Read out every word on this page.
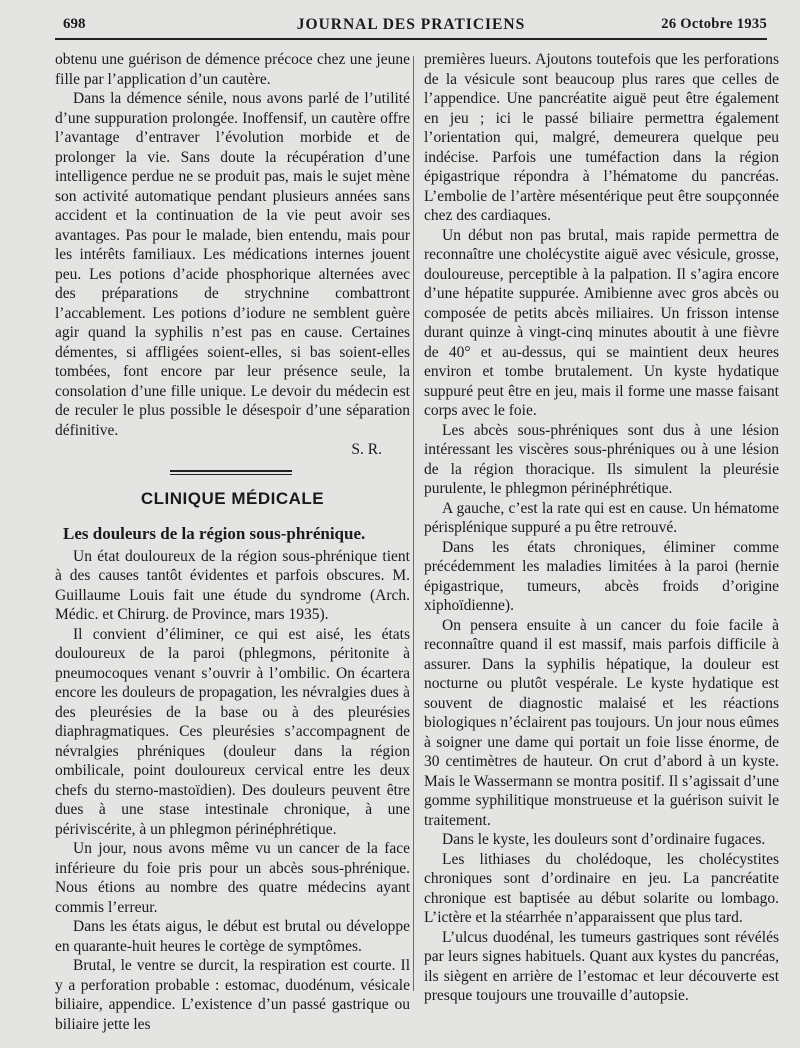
698	JOURNAL DES PRATICIENS	26 Octobre 1935

obtenu une guérison de démence précoce chez une jeune fille par l’application d’un cautère.

Dans la démence sénile, nous avons parlé de l’utilité d’une suppuration prolongée. Inoffensif, un cautère offre l’avantage d’entraver l’évolution morbide et de prolonger la vie. Sans doute la récupération d’une intelligence perdue ne se produit pas, mais le sujet mène son activité automatique pendant plusieurs années sans accident et la continuation de la vie peut avoir ses avantages. Pas pour le malade, bien entendu, mais pour les intérêts familiaux. Les médications internes jouent peu. Les potions d’acide phosphorique alternées avec des préparations de strychnine combattront l’accablement. Les potions d’iodure ne semblent guère agir quand la syphilis n’est pas en cause. Certaines démentes, si affligées soient-elles, si bas soient-elles tombées, font encore par leur présence seule, la consolation d’une fille unique. Le devoir du médecin est de reculer le plus possible le désespoir d’une séparation définitive.

S. R.

CLINIQUE MÉDICALE
Les douleurs de la région sous-phrénique.

Un état douloureux de la région sous-phrénique tient à des causes tantôt évidentes et parfois obscures. M. Guillaume Louis fait une étude du syndrome (Arch. Médic. et Chirurg. de Province, mars 1935).

Il convient d’éliminer, ce qui est aisé, les états douloureux de la paroi (phlegmons, péritonite à pneumocoques venant s’ouvrir à l’ombilic. On écartera encore les douleurs de propagation, les névralgies dues à des pleurésies de la base ou à des pleurésies diaphragmatiques. Ces pleurésies s’accompagnent de névralgies phréniques (douleur dans la région ombilicale, point douloureux cervical entre les deux chefs du sterno-mastoïdien). Des douleurs peuvent être dues à une stase intestinale chronique, à une périviscérite, à un phlegmon périnéphrétique.

Un jour, nous avons même vu un cancer de la face inférieure du foie pris pour un abcès sous-phrénique. Nous étions au nombre des quatre médecins ayant commis l’erreur.

Dans les états aigus, le début est brutal ou développe en quarante-huit heures le cortège de symptômes.

Brutal, le ventre se durcit, la respiration est courte. Il y a perforation probable : estomac, duodénum, vésicale biliaire, appendice. L’existence d’un passé gastrique ou biliaire jette les

premières lueurs. Ajoutons toutefois que les perforations de la vésicule sont beaucoup plus rares que celles de l’appendice. Une pancréatite aiguë peut être également en jeu ; ici le passé biliaire permettra également l’orientation qui, malgré, demeurera quelque peu indécise. Parfois une tuméfaction dans la région épigastrique répondra à l’hématome du pancréas. L’embolie de l’artère mésentérique peut être soupçonnée chez des cardiaques.

Un début non pas brutal, mais rapide permettra de reconnaître une cholécystite aiguë avec vésicule, grosse, douloureuse, perceptible à la palpation. Il s’agira encore d’une hépatite suppurée. Amibienne avec gros abcès ou composée de petits abcès miliaires. Un frisson intense durant quinze à vingt-cinq minutes aboutit à une fièvre de 40° et au-dessus, qui se maintient deux heures environ et tombe brutalement. Un kyste hydatique suppuré peut être en jeu, mais il forme une masse faisant corps avec le foie.

Les abcès sous-phréniques sont dus à une lésion intéressant les viscères sous-phréniques ou à une lésion de la région thoracique. Ils simulent la pleurésie purulente, le phlegmon périnéphrétique.

A gauche, c’est la rate qui est en cause. Un hématome périsplénique suppuré a pu être retrouvé.

Dans les états chroniques, éliminer comme précédemment les maladies limitées à la paroi (hernie épigastrique, tumeurs, abcès froids d’origine xiphoïdienne).

On pensera ensuite à un cancer du foie facile à reconnaître quand il est massif, mais parfois difficile à assurer. Dans la syphilis hépatique, la douleur est nocturne ou plutôt vespérale. Le kyste hydatique est souvent de diagnostic malaisé et les réactions biologiques n’éclairent pas toujours. Un jour nous eûmes à soigner une dame qui portait un foie lisse énorme, de 30 centimètres de hauteur. On crut d’abord à un kyste. Mais le Wassermann se montra positif. Il s’agissait d’une gomme syphilitique monstrueuse et la guérison suivit le traitement.

Dans le kyste, les douleurs sont d’ordinaire fugaces.

Les lithiases du cholédoque, les cholécystites chroniques sont d’ordinaire en jeu. La pancréatite chronique est baptisée au début solarite ou lombago. L’ictère et la stéarrhée n’apparaissent que plus tard.

L’ulcus duodénal, les tumeurs gastriques sont révélés par leurs signes habituels. Quant aux kystes du pancréas, ils siègent en arrière de l’estomac et leur découverte est presque toujours une trouvaille d’autopsie.
